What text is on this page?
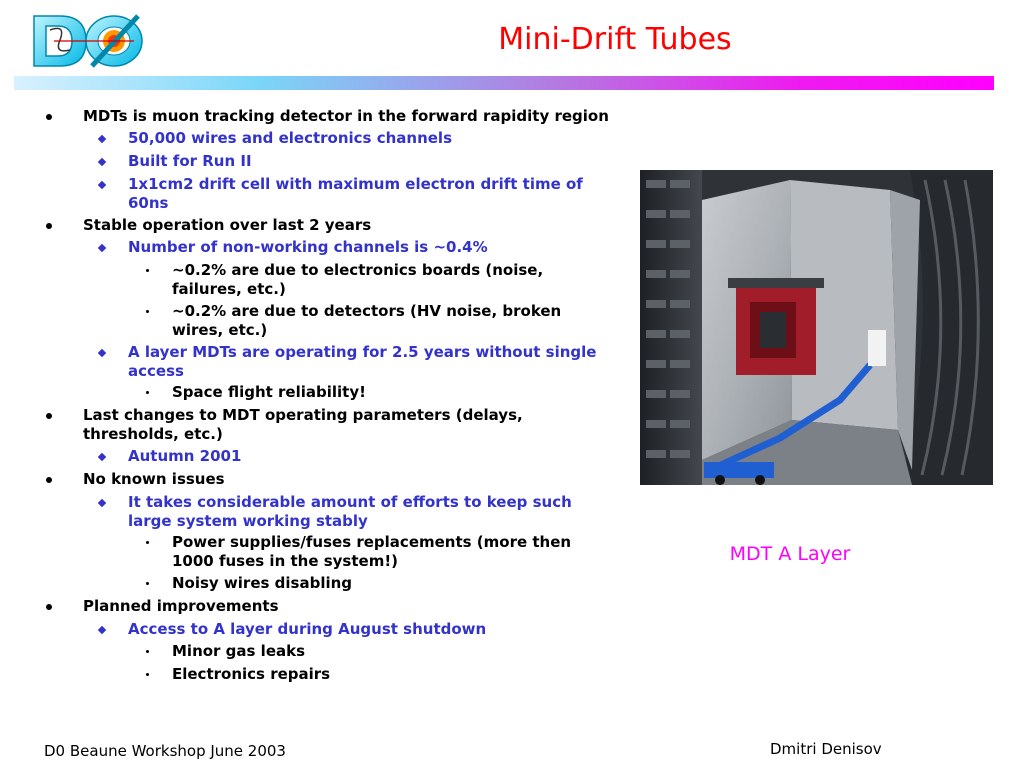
Mini-Drift Tubes
MDTs is muon tracking detector in the forward rapidity region
50,000 wires and electronics channels
Built for Run II
1x1cm2 drift cell with maximum electron drift time of 60ns
Stable operation over last 2 years
Number of non-working channels is ~0.4%
~0.2% are due to electronics boards (noise, failures, etc.)
~0.2% are due to detectors (HV noise, broken wires, etc.)
A layer MDTs are operating for 2.5 years without single access
Space flight reliability!
Last changes to MDT operating parameters (delays, thresholds, etc.)
Autumn 2001
No known issues
It takes considerable amount of efforts to keep such large system working stably
Power supplies/fuses replacements (more then 1000 fuses in the system!)
Noisy wires disabling
Planned improvements
Access to A layer during August shutdown
Minor gas leaks
Electronics repairs
MDT A Layer
D0 Beaune Workshop June 2003	Dmitri Denisov
